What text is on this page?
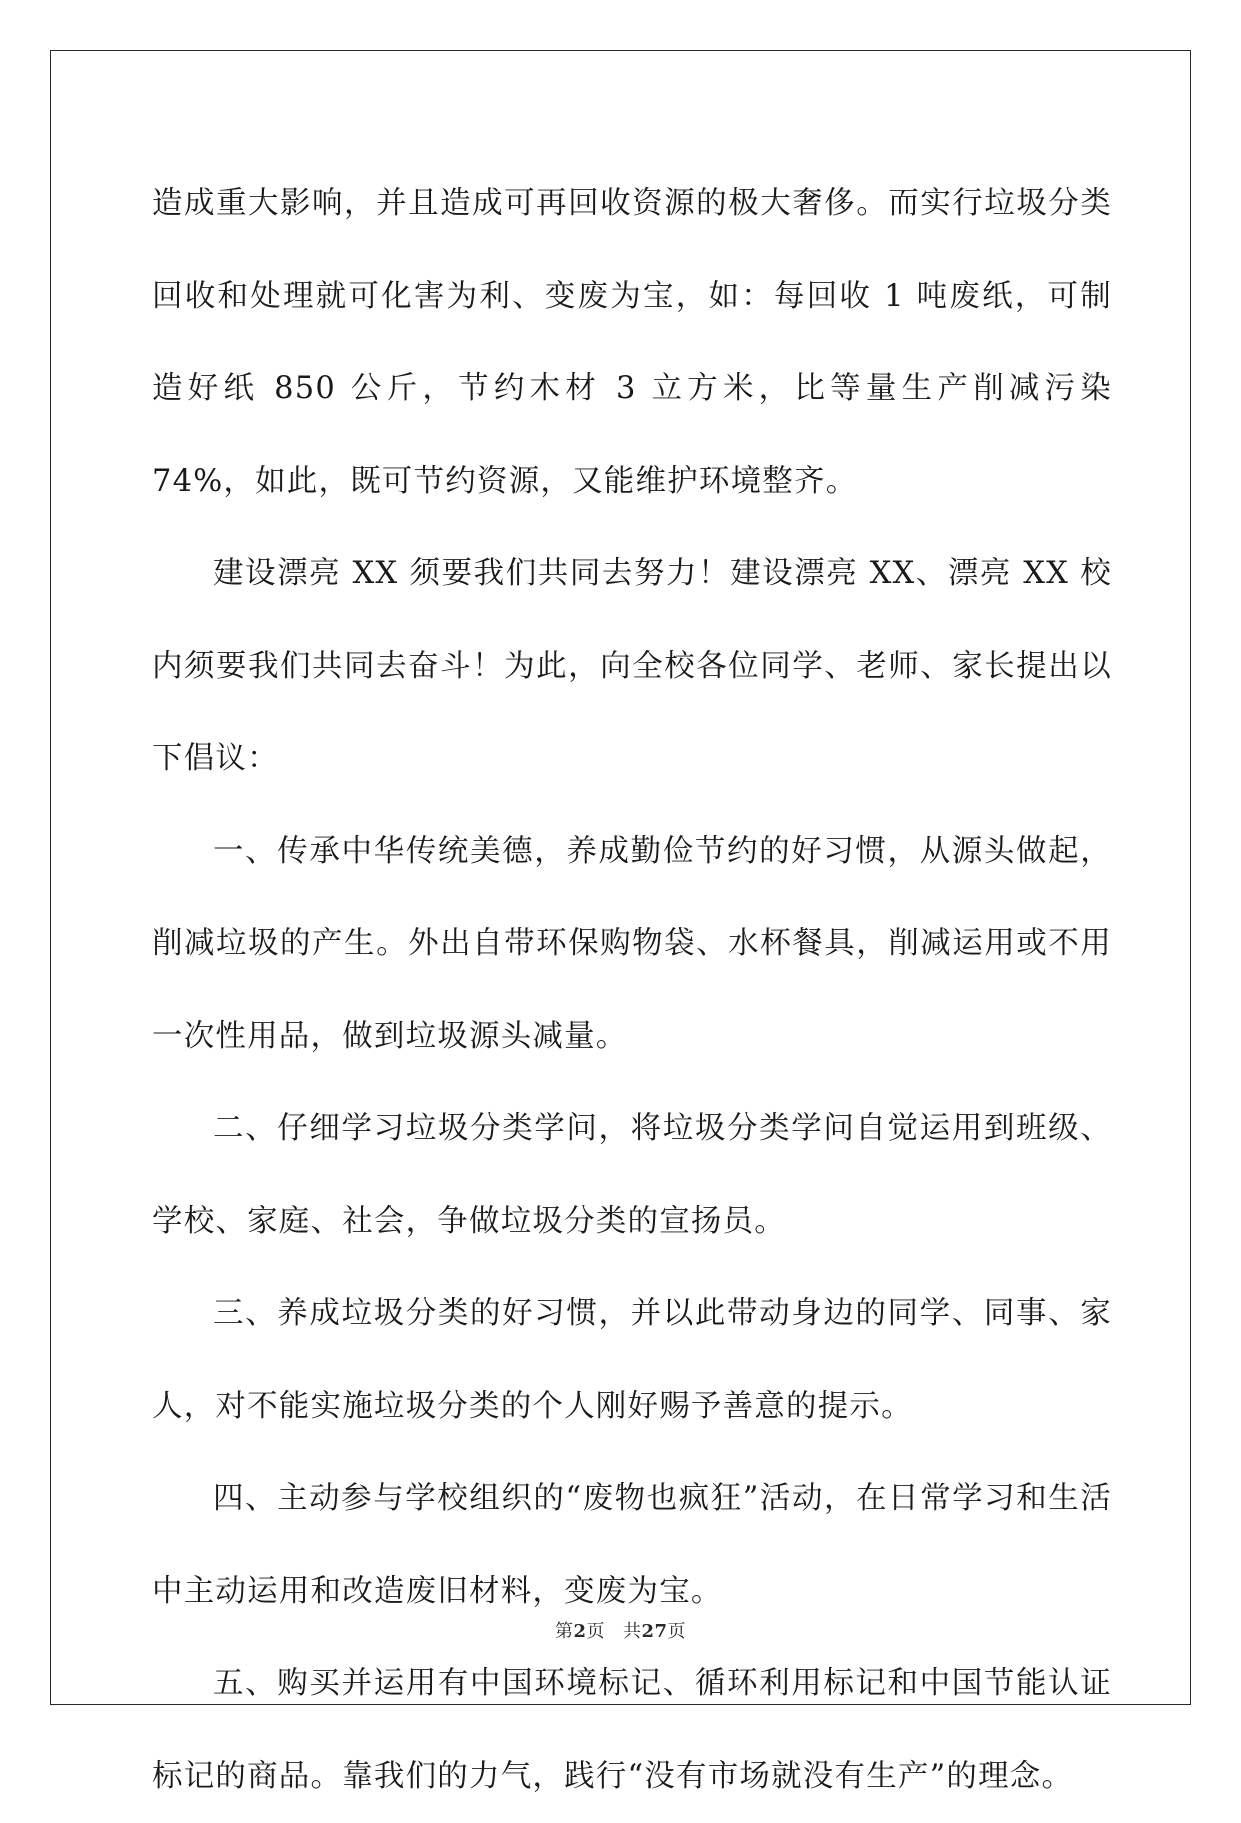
造成重大影响，并且造成可再回收资源的极大奢侈。而实行垃圾分类回收和处理就可化害为利、变废为宝，如：每回收 1 吨废纸，可制造好纸 850 公斤，节约木材 3 立方米，比等量生产削减污染 74%，如此，既可节约资源，又能维护环境整齐。

建设漂亮 XX 须要我们共同去努力！建设漂亮 XX、漂亮 XX 校内须要我们共同去奋斗！为此，向全校各位同学、老师、家长提出以下倡议：

一、传承中华传统美德，养成勤俭节约的好习惯，从源头做起，削减垃圾的产生。外出自带环保购物袋、水杯餐具，削减运用或不用一次性用品，做到垃圾源头减量。

二、仔细学习垃圾分类学问，将垃圾分类学问自觉运用到班级、学校、家庭、社会，争做垃圾分类的宣扬员。

三、养成垃圾分类的好习惯，并以此带动身边的同学、同事、家人，对不能实施垃圾分类的个人刚好赐予善意的提示。

四、主动参与学校组织的“废物也疯狂”活动，在日常学习和生活中主动运用和改造废旧材料，变废为宝。

五、购买并运用有中国环境标记、循环利用标记和中国节能认证标记的商品。靠我们的力气，践行“没有市场就没有生产”的理念。

第2页 共27页
